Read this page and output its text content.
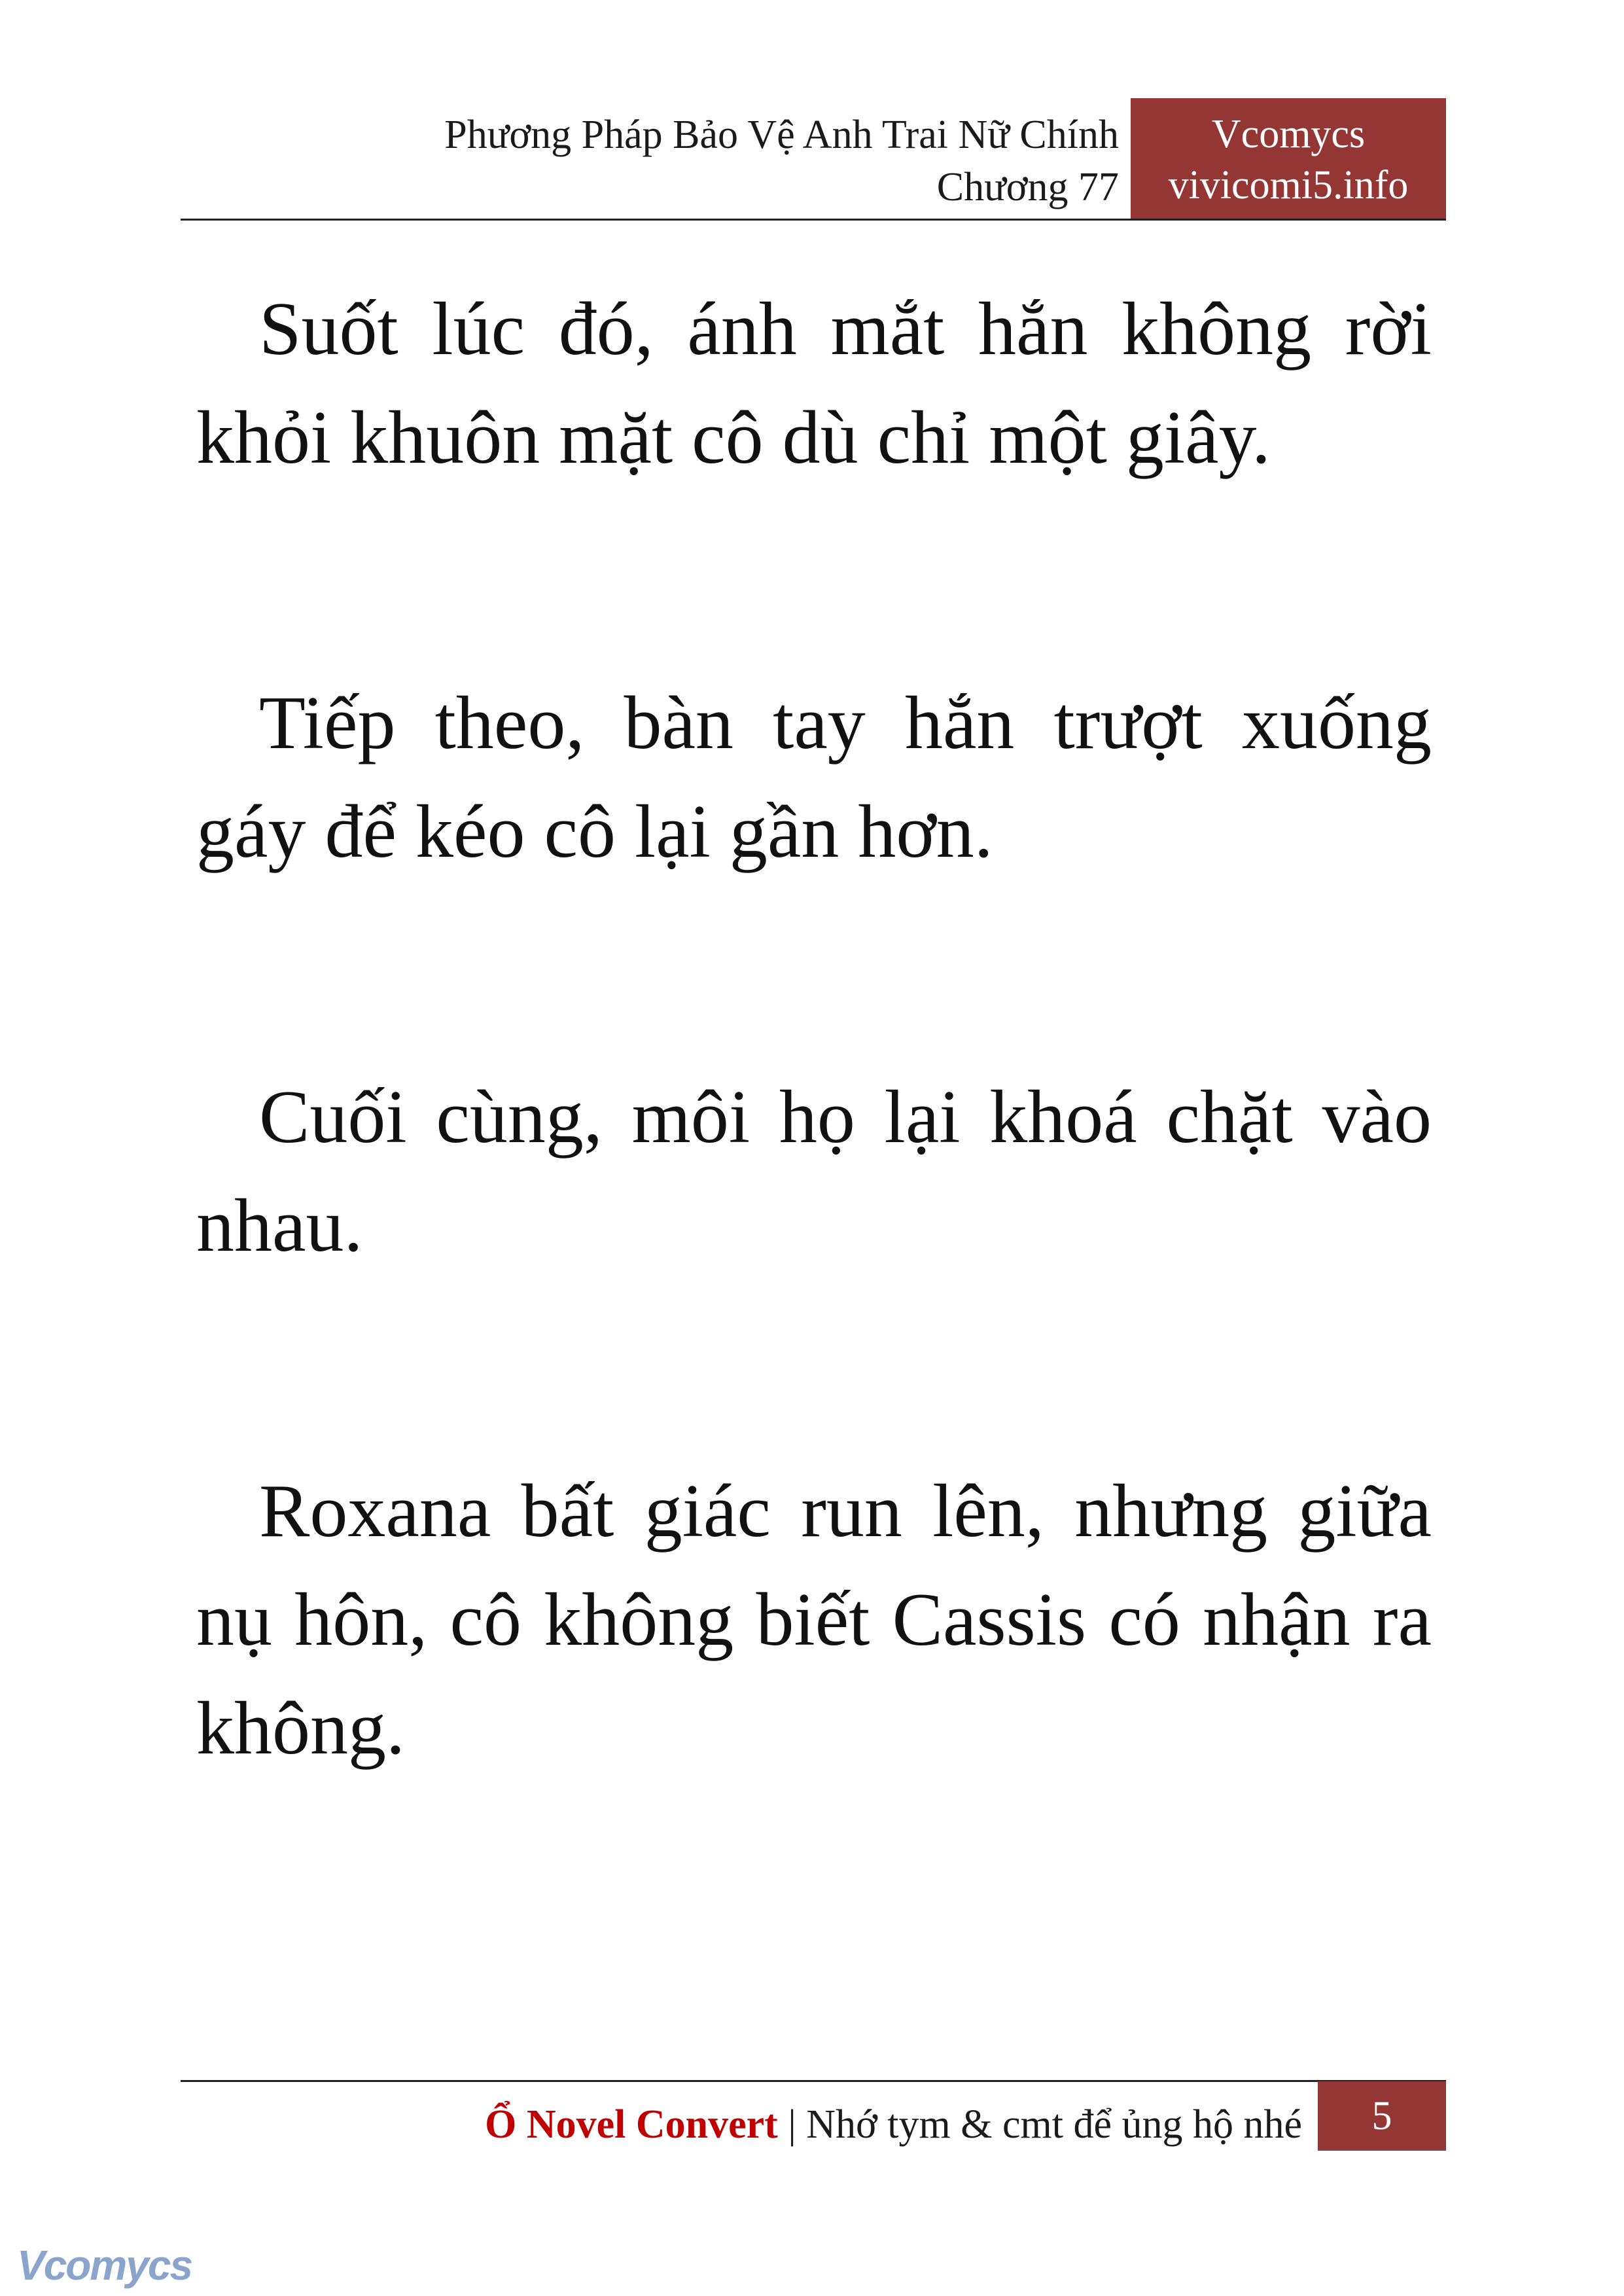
Phương Pháp Bảo Vệ Anh Trai Nữ Chính
Chương 77
Vcomycs
vivicomi5.info

Suốt lúc đó, ánh mắt hắn không rời khỏi khuôn mặt cô dù chỉ một giây.

Tiếp theo, bàn tay hắn trượt xuống gáy để kéo cô lại gần hơn.

Cuối cùng, môi họ lại khoá chặt vào nhau.

Roxana bất giác run lên, nhưng giữa nụ hôn, cô không biết Cassis có nhận ra không.

Ổ Novel Convert | Nhớ tym & cmt để ủng hộ nhé	5
Vcomycs
